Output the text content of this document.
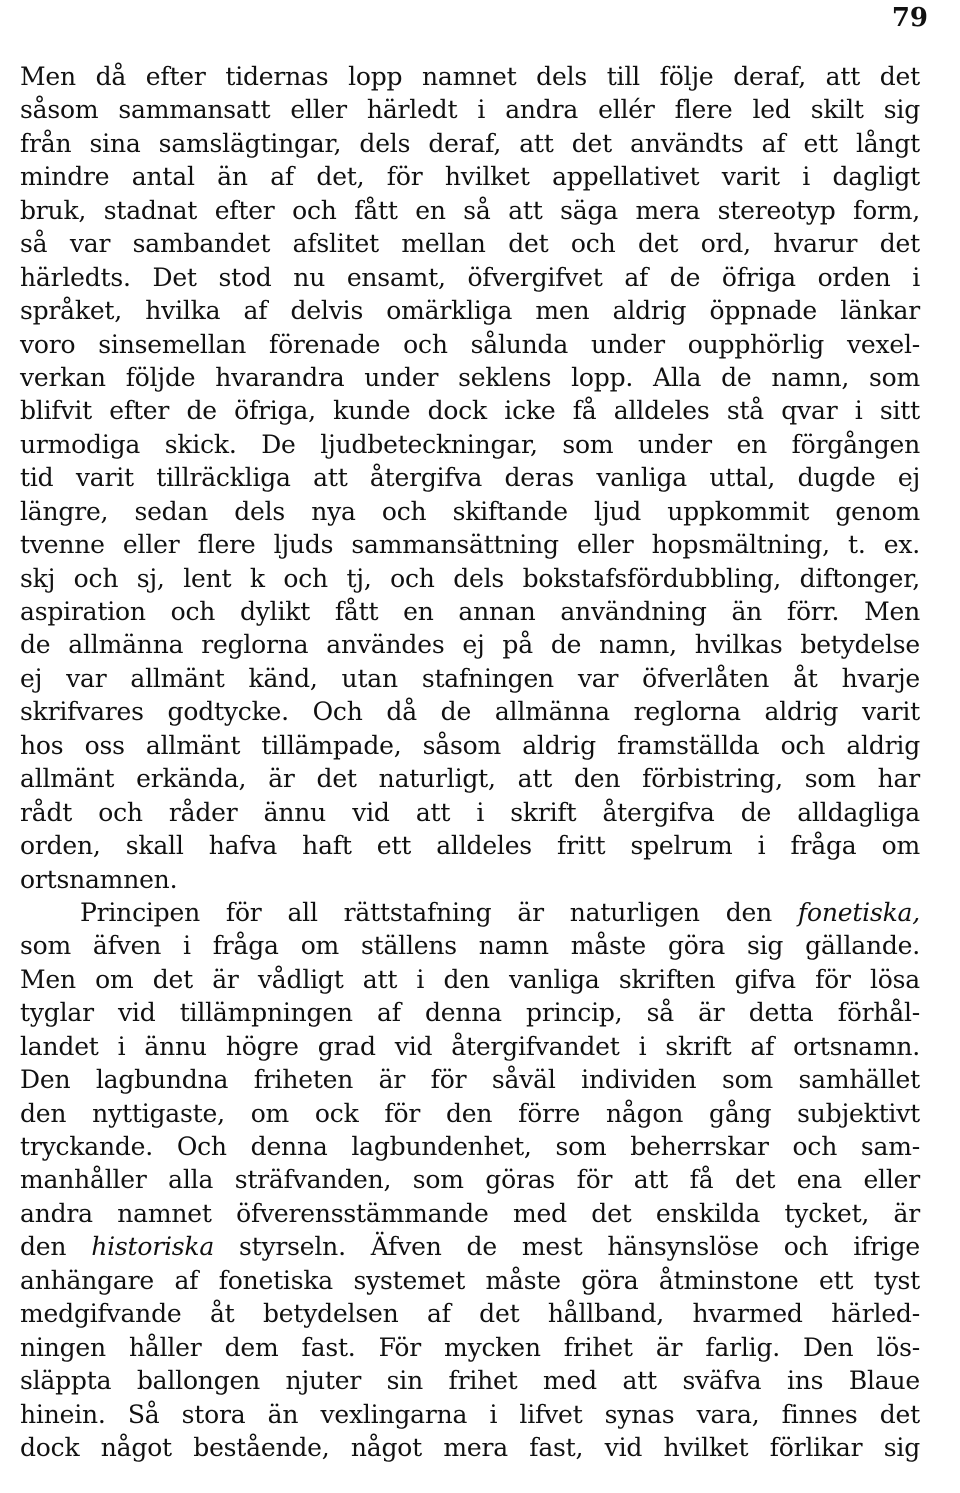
79
Men då efter tidernas lopp namnet dels till följe deraf, att det
såsom sammansatt eller härledt i andra ellér flere led skilt sig
från sina samslägtingar, dels deraf, att det användts af ett långt
mindre antal än af det, för hvilket appellativet varit i dagligt
bruk, stadnat efter och fått en så att säga mera stereotyp form,
så var sambandet afslitet mellan det och det ord, hvarur det
härledts. Det stod nu ensamt, öfvergifvet af de öfriga orden i
språket, hvilka af delvis omärkliga men aldrig öppnade länkar
voro sinsemellan förenade och sålunda under oupphörlig vexel-
verkan följde hvarandra under seklens lopp. Alla de namn, som
blifvit efter de öfriga, kunde dock icke få alldeles stå qvar i sitt
urmodiga skick. De ljudbeteckningar, som under en förgången
tid varit tillräckliga att återgifva deras vanliga uttal, dugde ej
längre, sedan dels nya och skiftande ljud uppkommit genom
tvenne eller flere ljuds sammansättning eller hopsmältning, t. ex.
skj och sj, lent k och tj, och dels bokstafsfördubbling, diftonger,
aspiration och dylikt fått en annan användning än förr. Men
de allmänna reglorna användes ej på de namn, hvilkas betydelse
ej var allmänt känd, utan stafningen var öfverlåten åt hvarje
skrifvares godtycke. Och då de allmänna reglorna aldrig varit
hos oss allmänt tillämpade, såsom aldrig framställda och aldrig
allmänt erkända, är det naturligt, att den förbistring, som har
rådt och råder ännu vid att i skrift återgifva de alldagliga
orden, skall hafva haft ett alldeles fritt spelrum i fråga om
ortsnamnen.
Principen för all rättstafning är naturligen den fonetiska,
som äfven i fråga om ställens namn måste göra sig gällande.
Men om det är vådligt att i den vanliga skriften gifva för lösa
tyglar vid tillämpningen af denna princip, så är detta förhål-
landet i ännu högre grad vid återgifvandet i skrift af ortsnamn.
Den lagbundna friheten är för såväl individen som samhället
den nyttigaste, om ock för den förre någon gång subjektivt
tryckande. Och denna lagbundenhet, som beherrskar och sam-
manhåller alla sträfvanden, som göras för att få det ena eller
andra namnet öfverensstämmande med det enskilda tycket, är
den historiska styrseln. Äfven de mest hänsynslöse och ifrige
anhängare af fonetiska systemet måste göra åtminstone ett tyst
medgifvande åt betydelsen af det hållband, hvarmed härled-
ningen håller dem fast. För mycken frihet är farlig. Den lös-
släppta ballongen njuter sin frihet med att sväfva ins Blaue
hinein. Så stora än vexlingarna i lifvet synas vara, finnes det
dock något bestående, något mera fast, vid hvilket förlikar sig
